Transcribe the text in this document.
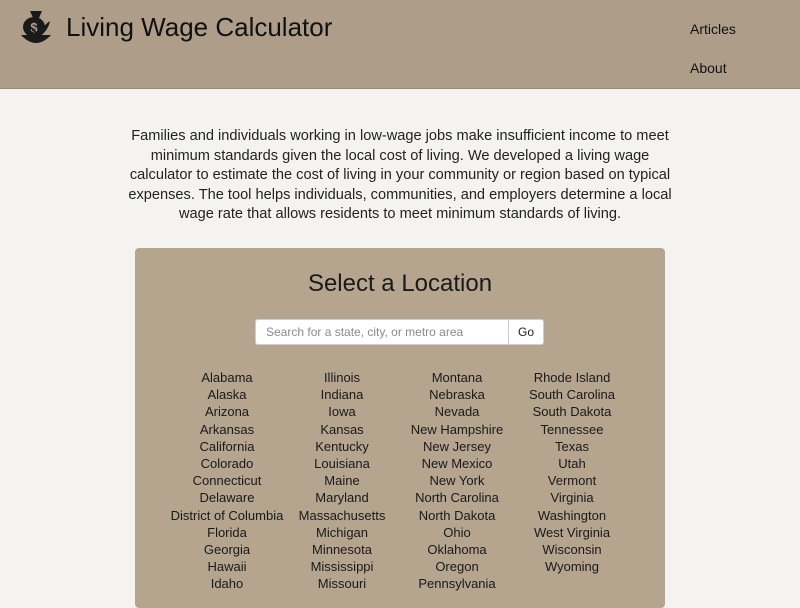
$ Living Wage Calculator	Articles
About

Families and individuals working in low-wage jobs make insufficient income to meet minimum standards given the local cost of living. We developed a living wage calculator to estimate the cost of living in your community or region based on typical expenses. The tool helps individuals, communities, and employers determine a local wage rate that allows residents to meet minimum standards of living.

Select a Location
Search for a state, city, or metro area
Go
Alabama
Alaska
Arizona
Arkansas
California
Colorado
Connecticut
Delaware
District of Columbia
Florida
Georgia
Hawaii
Idaho
Illinois
Indiana
Iowa
Kansas
Kentucky
Louisiana
Maine
Maryland
Massachusetts
Michigan
Minnesota
Mississippi
Missouri
Montana
Nebraska
Nevada
New Hampshire
New Jersey
New Mexico
New York
North Carolina
North Dakota
Ohio
Oklahoma
Oregon
Pennsylvania
Rhode Island
South Carolina
South Dakota
Tennessee
Texas
Utah
Vermont
Virginia
Washington
West Virginia
Wisconsin
Wyoming
